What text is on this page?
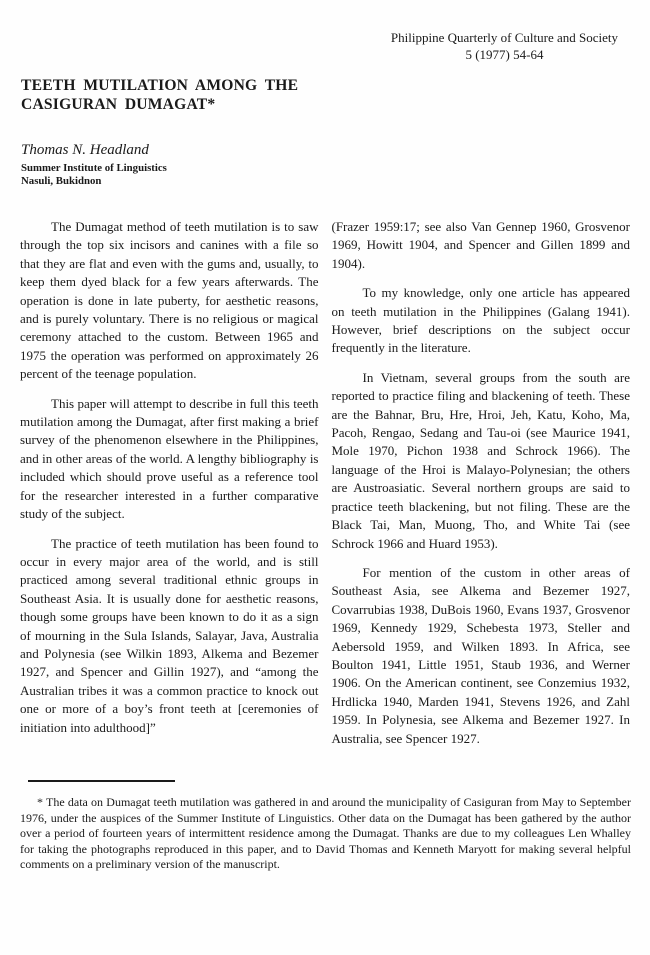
Philippine Quarterly of Culture and Society
5 (1977) 54-64
TEETH MUTILATION AMONG THE
CASIGURAN DUMAGAT*
Thomas N. Headland
Summer Institute of Linguistics
Nasuli, Bukidnon

The Dumagat method of teeth mutilation is to saw through the top six incisors and canines with a file so that they are flat and even with the gums and, usually, to keep them dyed black for a few years afterwards. The operation is done in late puberty, for aesthetic reasons, and is purely voluntary. There is no religious or magical ceremony attached to the custom. Between 1965 and 1975 the operation was performed on approximately 26 percent of the teenage population.

This paper will attempt to describe in full this teeth mutilation among the Dumagat, after first making a brief survey of the phenomenon elsewhere in the Philippines, and in other areas of the world. A lengthy bibliography is included which should prove useful as a reference tool for the researcher interested in a further comparative study of the subject.

The practice of teeth mutilation has been found to occur in every major area of the world, and is still practiced among several traditional ethnic groups in Southeast Asia. It is usually done for aesthetic reasons, though some groups have been known to do it as a sign of mourning in the Sula Islands, Salayar, Java, Australia and Polynesia (see Wilkin 1893, Alkema and Bezemer 1927, and Spencer and Gillin 1927), and “among the Australian tribes it was a common practice to knock out one or more of a boy’s front teeth at [ceremonies of initiation into adulthood]”

(Frazer 1959:17; see also Van Gennep 1960, Grosvenor 1969, Howitt 1904, and Spencer and Gillen 1899 and 1904).

To my knowledge, only one article has appeared on teeth mutilation in the Philippines (Galang 1941). However, brief descriptions on the subject occur frequently in the literature.

In Vietnam, several groups from the south are reported to practice filing and blackening of teeth. These are the Bahnar, Bru, Hre, Hroi, Jeh, Katu, Koho, Ma, Pacoh, Rengao, Sedang and Tau-oi (see Maurice 1941, Mole 1970, Pichon 1938 and Schrock 1966). The language of the Hroi is Malayo-Polynesian; the others are Austroasiatic. Several northern groups are said to practice teeth blackening, but not filing. These are the Black Tai, Man, Muong, Tho, and White Tai (see Schrock 1966 and Huard 1953).

For mention of the custom in other areas of Southeast Asia, see Alkema and Bezemer 1927, Covarrubias 1938, DuBois 1960, Evans 1937, Grosvenor 1969, Kennedy 1929, Schebesta 1973, Steller and Aebersold 1959, and Wilken 1893. In Africa, see Boulton 1941, Little 1951, Staub 1936, and Werner 1906. On the American continent, see Conzemius 1932, Hrdlicka 1940, Marden 1941, Stevens 1926, and Zahl 1959. In Polynesia, see Alkema and Bezemer 1927. In Australia, see Spencer 1927.

* The data on Dumagat teeth mutilation was gathered in and around the municipality of Casiguran from May to September 1976, under the auspices of the Summer Institute of Linguistics. Other data on the Dumagat has been gathered by the author over a period of fourteen years of intermittent residence among the Dumagat. Thanks are due to my colleagues Len Whalley for taking the photographs reproduced in this paper, and to David Thomas and Kenneth Maryott for making several helpful comments on a preliminary version of the manuscript.
